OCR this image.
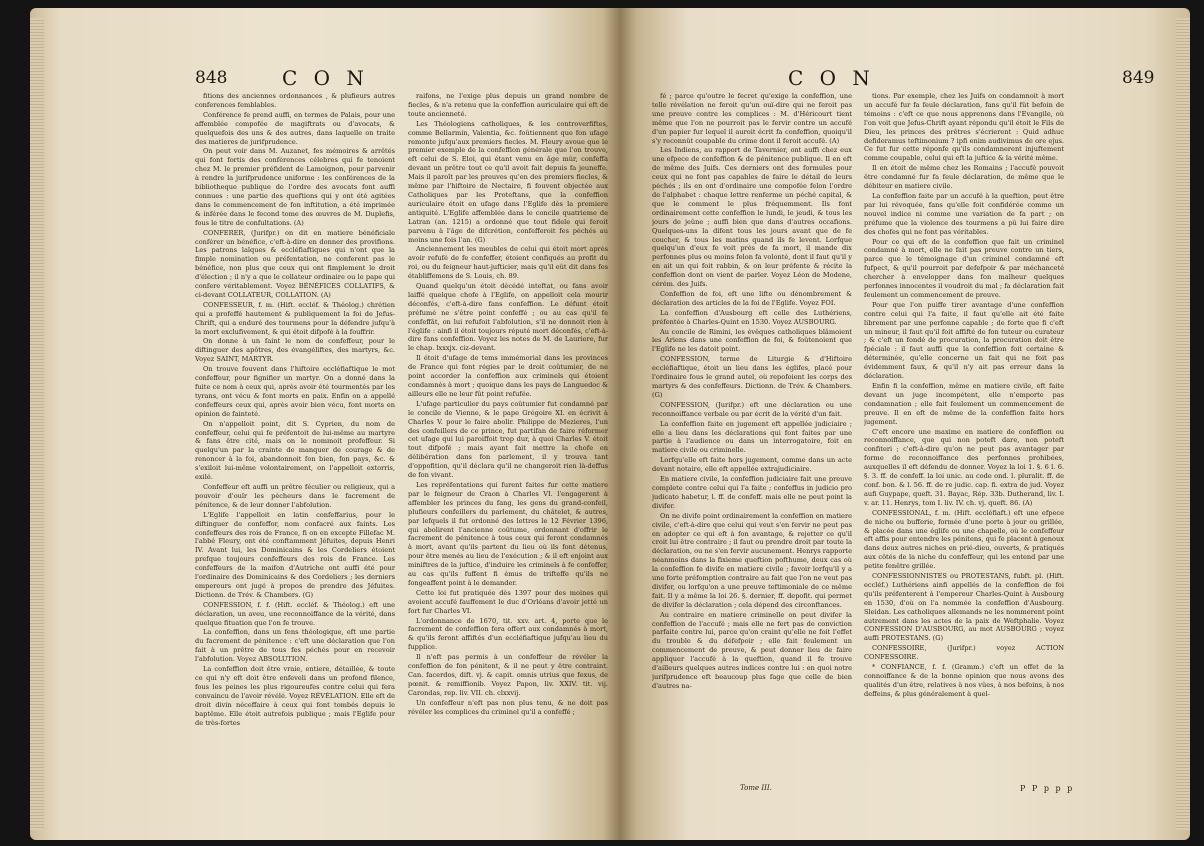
848	C O N

fitions des anciennes ordonnances , & plufieurs autres conferences femblables.

Conférence fe prend auffi, en termes de Palais, pour une affemblée compofée de magiftrats ou d'avocats, & quelquefois des uns & des autres, dans laquelle on traite des matieres de jurifprudence.

On peut voir dans M. Auzanet, fes mémoires & arrêtés qui font fortis des conférences célebres qui fe tenoient chez M. le premier préfident de Lamoignon, pour parvenir à rendre la jurifprudence uniforme : les conférences de la bibliotheque publique de l'ordre des avocats font auffi connues : une partie des queftions qui y ont été agitées dans le commencement de fon inftitution, a été imprimée & inférée dans le fecond tome des œuvres de M. Duplefis, fous le titre de confultations. (A)

CONFERER, (Jurifpr.) on dit en matiere bénéficiale conférer un bénéfice, c'eft-à-dire en donner des provifions. Les patrons laïques & eccléfiaftiques qui n'ont que la fimple nomination ou préfentation, ne conferent pas le bénéfice, non plus que ceux qui ont fimplement le droit d'élection ; il n'y a que le collateur ordinaire ou le pape qui confere véritablement. Voyez BÉNÉFICES COLLATIFS, & ci-devant COLLATEUR, COLLATION. (A)

CONFESSEUR, f. m. (Hift. eccléf. & Théolog.) chrétien qui a profeffé hautement & publiquement la foi de Jefus-Chrift, qui a enduré des tourmens pour la défendre jufqu'à la mort exclufivement, & qui étoit difpofé à la fouffrir.

On donne à un faint le nom de confeffeur, pour le diftinguer des apôtres, des évangéliftes, des martyrs, &c. Voyez SAINT, MARTYR.

On trouve fouvent dans l'hiftoire eccléfiaftique le mot confeffeur, pour fignifier un martyr. On a donné dans la fuite ce nom à ceux qui, après avoir été tourmentés par les tyrans, ont vécu & font morts en paix. Enfin on a appellé confeffeurs ceux qui, après avoir bien vécu, font morts en opinion de fainteté.

On n'appelloit point, dit S. Cyprien, du nom de confeffeur, celui qui fe préfentoit de lui-même au martyre & fans être cité, mais on le nommoit profeffeur. Si quelqu'un par la crainte de manquer de courage & de renoncer à la foi, abandonnoit fon bien, fon pays, &c. & s'exiloit lui-même volontairement, on l'appelloit extorris, exilé.

Confeffeur eft auffi un prêtre féculier ou religieux, qui a pouvoir d'ouïr les pécheurs dans le facrement de pénitence, & de leur donner l'abfolution.

L'Eglife l'appelloit en latin confeffarius, pour le diftinguer de confeffor, nom confacré aux faints. Les confeffeurs des rois de France, fi on en excepte Fillefac M. l'abbé Fleury, ont été conftamment Jéfuites, depuis Henri IV. Avant lui, les Dominicains & les Cordeliers étoient prefque toujours confeffeurs des rois de France. Les confeffeurs de la maifon d'Autriche ont auffi été pour l'ordinaire des Dominicains & des Cordeliers ; les derniers empereurs ont jugé à propos de prendre des Jéfuites. Dictionn. de Trév. & Chambers. (G)

CONFESSION, f. f. (Hift. eccléf. & Théolog.) eft une déclaration, un aveu, une reconnoiffance de la vérité, dans quelque fituation que l'on fe trouve.

La confeffion, dans un fens théologique, eft une partie du facrement de pénitence : c'eft une déclaration que l'on fait à un prêtre de tous fes péchés pour en recevoir l'abfolution. Voyez ABSOLUTION.

La confeffion doit être vraie, entiere, détaillée, & toute ce qui n'y eft doit être enfeveli dans un profond filence, fous les peines les plus rigoureufes contre celui qui fera convaincu de l'avoir révélé. Voyez RÉVÉLATION. Elle eft de droit divin néceffaire à ceux qui font tombés depuis le baptême. Elle étoit autrefois publique ; mais l'Eglife pour de très-fortes

raifons, ne l'exige plus depuis un grand nombre de fiecles, & n'a retenu que la confeffion auriculaire qui eft de toute ancienneté.

Les Théologiens catholiques, & les controverfiftes, comme Bellarmin, Valentia, &c. foûtiennent que fon ufage remonte jufqu'aux premiers fiecles. M. Fleury avoue que le premier exemple de la confeffion générale que l'on trouve, eft celui de S. Eloi, qui étant venu en âge mûr, confeffa devant un prêtre tout ce qu'il avoit fait depuis fa jeuneffe. Mais il paroît par les preuves qu'en des premiers fiecles, & même par l'hiftoire de Nectaire, fi fouvent objectée aux Catholiques par les Proteftans, que la confeffion auriculaire étoit en ufage dans l'Eglife dès la premiere antiquité. L'Eglife affemblée dans le concile quatrieme de Latran (an. 1215) a ordonné que tout fidele qui feroit parvenu à l'âge de difcrétion, confefferoit fes péchés au moins une fois l'an. (G)

Anciennement les meubles de celui qui étoit mort après avoir refufé de fe confeffer, étoient confiqués au profit du roi, ou du feigneur haut-jufticier, mais qu'il eût dit dans fes établiffemens de S. Louis, ch. 89.

Quand quelqu'un étoit décédé inteftat, ou fans avoir laiffé quelque chofe à l'Eglife, on appelloit cela mourir déconfés, c'eft-à-dire fans confeffion. Le défunt étoit préfumé ne s'être point confeffé ; ou au cas qu'il fe confeffât, on lui refufoit l'abfolution, s'il ne donnoit rien à l'églife : ainfi il étoit toujours réputé mort déconfés, c'eft-à-dire fans confeffion. Voyez les notes de M. de Lauriere, fur le chap. lxxxjx. ciz-devant.

Il étoit d'ufage de tems immémorial dans les provinces de France qui font régies par le droit coûtumier, de ne point accorder la confeffion aux criminels qui étoient condamnés à mort ; quoique dans les pays de Languedoc & ailleurs elle ne leur fût point refufée.

L'ufage particulier du pays coûtumier fut condamné par le concile de Vienne, & le pape Grégoire XI. en écrivit à Charles V. pour le faire abolir. Philippe de Mezieres, l'un des confeillers de ce prince, fut partifan de faire réformer cet ufage qui lui paroiffoit trop dur, à quoi Charles V. étoit tout difpofé ; mais ayant fait mettre la chofe en délibération dans fon parlement, il y trouva tant d'oppofition, qu'il déclara qu'il ne changeroit rien là-deffus de fon vivant.

Les repréfentations qui furent faites fur cette matiere par le feigneur de Craon à Charles VI. l'engagerent à affembler les princes du fang, les gens du grand-confeil, plufieurs confeillers du parlement, du châtelet, & autres, par lefquels il fut ordonné des lettres le 12 Février 1396, qui abolirent l'ancienne coûtume, ordonnant d'offrir le facrement de pénitence à tous ceux qui feront condamnés à mort, avant qu'ils partent du lieu où ils font détenus, pour être menés au lieu de l'exécution ; & il eft enjoint aux miniftres de la juftice, d'induire les criminels à fe confeffer, au cas qu'ils fuffent fi émus de trifteffe qu'ils ne fongeaffent point à le demander.

Cette loi fut pratiquée dès 1397 pour des moines qui avoient accufé fauffement le duc d'Orléans d'avoir jetté un fort fur Charles VI.

L'ordonnance de 1670, tit. xxv. art. 4, porte que le facrement de confeffion fera offert aux condamnés à mort, & qu'ils feront affiftés d'un eccléfiaftique jufqu'au lieu du fupplice.

Il n'eft pas permis à un confeffeur de révéler la confeffion de fon pénitent, & il ne peut y être contraint. Can. facerdos, dift. vj. & capit. omnis utrius que fexus, de pœnit. & remiffionib. Voyez Papon, liv. XXIV. tit. vij. Carondas, rep. liv. VII. ch. clxxvij.

Un confeffeur n'eft pas non plus tenu, & ne doit pas révéler les complices du criminel qu'il a confeffé ;

C O N	849

fé ; parce qu'outre le fecret qu'exige la confeffion, une telle révélation ne feroit qu'un ouï-dire qui ne feroit pas une preuve contre les complices : M. d'Héricourt tient même que l'on ne pourroit pas le fervir contre un accufé d'un papier fur lequel il auroit écrit fa confeffion, quoiqu'il s'y reconnût coupable du crime dont il feroit accufé. (A)

Les Indiens, au rapport de Tavernier, ont auffi chez eux une efpece de confeffion & de pénitence publique. Il en eft de même des Juifs. Ces derniers ont des formules pour ceux qui ne font pas capables de faire le détail de leurs péchés ; ils en ont d'ordinaire une compofée felon l'ordre de l'alphabet : chaque lettre renferme un péché capital, & que le comment le plus fréquemment. Ils font ordinairement cette confeffion le lundi, le jeudi, & tous les jours de jeûne ; auffi bien que dans d'autres occafions. Quelques-uns la difent tous les jours avant que de fe coucher, & tous les matins quand ils fe levent. Lorfque quelqu'un d'eux fe voit près de fa mort, il mande dix perfonnes plus ou moins felon fa volonté, dont il faut qu'il y en ait un qui foit rabbin, & on leur préfente & récite la confeffion dont on vient de parler. Voyez Léon de Modene, cérém. des Juifs.

Confeffion de foi, eft une lifte ou dénombrement & déclaration des articles de la foi de l'Eglife. Voyez FOI.

La confeffion d'Ausbourg eft celle des Luthériens, préfentée à Charles-Quint en 1530. Voyez AUSBOURG.

Au concile de Rimini, les évêques catholiques blâmoient les Ariens dans une confeffion de foi, & foûtenoient que l'Eglife ne les datoit point.

CONFESSION, terme de Liturgie & d'Hiftoire eccléfiaftique, étoit un lieu dans les églifes, placé pour l'ordinaire fous le grand autel, où repofoient les corps des martyrs & des confeffeurs. Dictionn. de Trév. & Chambers. (G)

CONFESSION, (Jurifpr.) eft une déclaration ou une reconnoiffance verbale ou par écrit de la vérité d'un fait.

La confeffion faite en jugement eft appellée judiciaire ; elle a lieu dans les déclarations qui font faites par une partie à l'audience ou dans un interrogatoire, foit en matiere civile ou criminelle.

Lorfqu'elle eft faite hors jugement, comme dans un acte devant notaire, elle eft appellée extrajudiciaire.

En matiere civile, la confeffion judiciaire fait une preuve complete contre celui qui l'a faite ; confeffus in judicio pro judicato habetur, l. ff. de confeff. mais elle ne peut point la divifer.

On ne divife point ordinairement la confeffion en matiere civile, c'eft-à-dire que celui qui veut s'en fervir ne peut pas en adopter ce qui eft à fon avantage, & rejetter ce qu'il croit lui être contraire ; il faut ou prendre droit par toute la déclaration, ou ne s'en fervir aucunement. Henrys rapporte néanmoins dans la fixieme queftion pofthume, deux cas où la confeffion fe divife en matiere civile ; favoir lorfqu'il y a une forte préfomption contraire au fait que l'on ne veut pas divifer, ou lorfqu'on a une preuve teftimoniale de ce même fait. Il y a même la loi 26. §. dernier, ff. depofit. qui permet de divifer la déclaration ; cela dépend des circonftances.

Au contraire en matiere criminelle on peut divifer la confeffion de l'accufé ; mais elle ne fert pas de conviction parfaite contre lui, parce qu'on craint qu'elle ne foit l'effet du trouble & du défefpoir ; elle fait feulement un commencement de preuve, & peut donner lieu de faire appliquer l'accufé à la queftion, quand il fe trouve d'ailleurs quelques autres indices contre lui : en quoi notre jurifprudence eft beaucoup plus fage que celle de bien d'autres na-

tions. Par exemple, chez les Juifs on condamnoit à mort un accufé fur fa feule déclaration, fans qu'il fût befoin de témoins : c'eft ce que nous apprenons dans l'Evangile, où l'on voit que Jefus-Chrift ayant répondu qu'il étoit le Fils de Dieu, les princes des prêtres s'écrierent : Quid adhuc defideramus teftimonium ? ipfi enim audivimus de ore ejus. Ce fut fur cette réponfe qu'ils condamnerent injuftement comme coupable, celui qui eft la juftice & la vérité même.

Il en étoit de même chez les Romains ; l'accufé pouvoit être condamné fur fa feule déclaration, de même que le débiteur en matiere civile.

La confeffion faite par un accufé à la queftion, peut être par lui révoquée, fans qu'elle foit confidérée comme un nouvel indice ni comme une variation de fa part ; on préfume que la violence des tourmens a pû lui faire dire des chofes qui ne font pas véritables.

Pour ce qui eft de la confeffion que fait un criminel condamné à mort, elle ne fait pas preuve contre un tiers, parce que le témoignage d'un criminel condamné eft fufpect, & qu'il pourroit par defefpoir & par méchanceté chercher à envelopper dans fon malheur quelques perfonnes innocentes il voudroit du mal ; fa déclaration fait feulement un commencement de preuve.

Pour que l'on puiffe tirer avantage d'une confeffion contre celui qui l'a faite, il faut qu'elle ait été faite librement par une perfonne capable ; de forte que fi c'eft un mineur, il faut qu'il foit affifté de fon tuteur ou curateur ; & c'eft un fondé de procuration, la procuration doit être fpéciale : il faut auffi que la confeffion foit certaine & déterminée, qu'elle concerne un fait qui ne foit pas évidemment faux, & qu'il n'y ait pas erreur dans la déclaration.

Enfin fi la confeffion, même en matiere civile, eft faite devant un juge incompétent, elle n'emporte pas condamnation ; elle fait feulement un commencement de preuve. Il en eft de même de la confeffion faite hors jugement.

C'eft encore une maxime en matiere de confeffion ou reconnoiffance, que qui non poteft dare, non poteft confiteri ; c'eft-à-dire qu'on ne peut pas avantager par forme de reconnoiffance des perfonnes prohibées, auxquelles il eft défendu de donner. Voyez la loi 1. §. 6 l. 6. §. 3. ff. de confeff. la loi unic. au code ond. l. pluralit. ff. de conf. bon. & l. 56. ff. de re judic. cap. fi. extra de jud. Voyez aufi Guypape, queft. 31. Bayac, Rép. 33b. Dutherand, liv. I. v. ar. 11. Henrys, tom I. liv. IV. ch. vj. queft. 86. (A)

CONFESSIONAL, f. m. (Hift. eccléfiaft.) eft une efpece de niche ou bufferie, formée d'une porte à jour ou grillée, & placée dans une églife ou une chapelle, où le confeffeur eft affis pour entendre les pénitens, qui fe placent à genoux dans deux autres niches en prié-dieu, ouverts, & pratiqués aux côtés de la niche du confeffeur, qui les entend par une petite fenêtre grillée.

CONFESSIONNISTES ou PROTESTANS, fubft. pl. (Hift. eccléf.) Luthériens ainfi appellés de la confeffion de foi qu'ils préfenterent à l'empereur Charles-Quint à Ausbourg en 1530, d'où on l'a nommée la confeffion d'Ausbourg. Sleidan. Les catholiques allemands ne les nommerent point autrement dans les actes de la paix de Weftphalie. Voyez CONFESSION D'AUSBOURG, au mot AUSBOURG ; voyez auffi PROTESTANS. (G)

CONFESSOIRE, (Jurifpr.) voyez ACTION CONFESSOIRE.

* CONFIANCE, f. f. (Gramm.) c'eft un effet de la connoiffance & de la bonne opinion que nous avons des qualités d'un être, relatives à nos vûes, à nos befoins, à nos deffeins, & plus généralement à quel-

Tome III.	P P p p p
